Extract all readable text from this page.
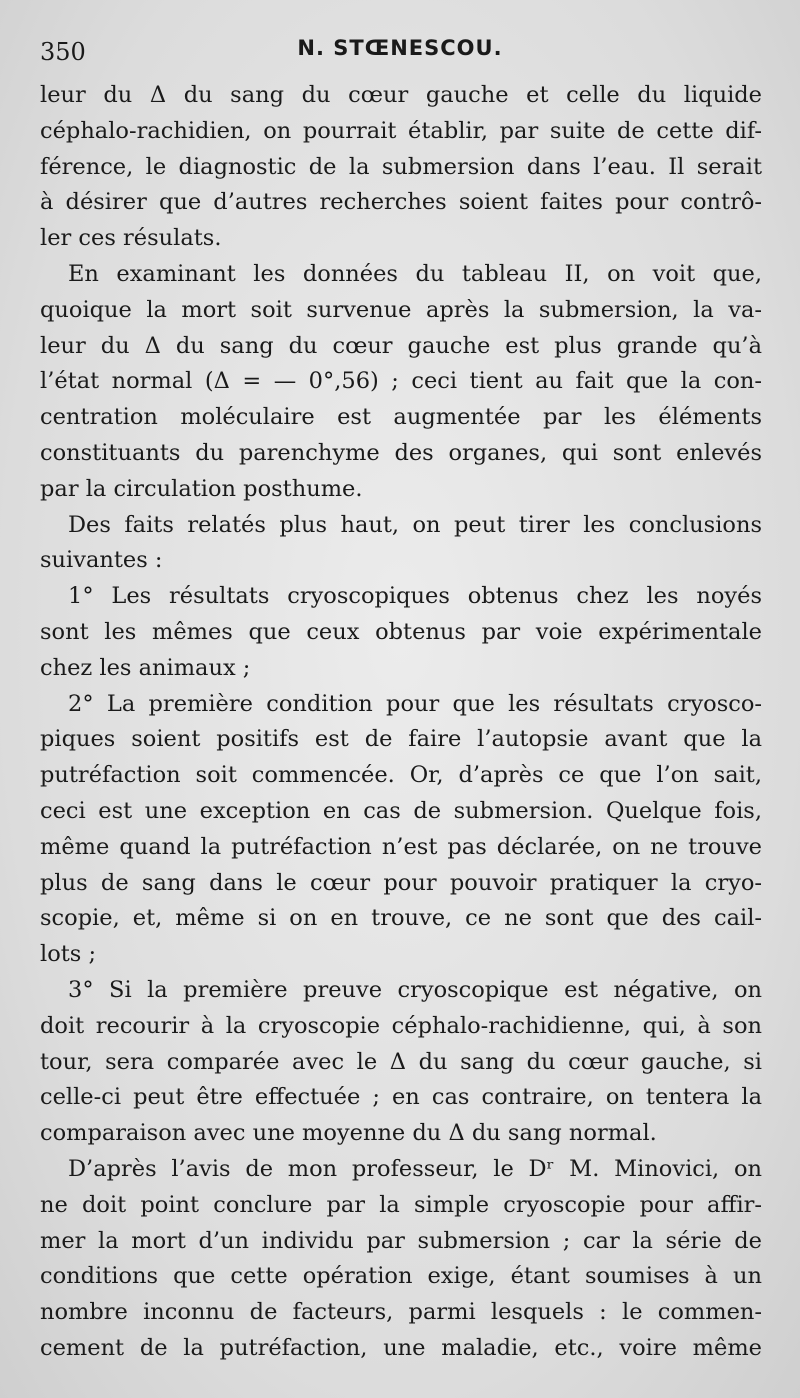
350	N. STŒNESCOU.
leur du Δ du sang du cœur gauche et celle du liquide
céphalo-rachidien, on pourrait établir, par suite de cette dif-
férence, le diagnostic de la submersion dans l’eau. Il serait
à désirer que d’autres recherches soient faites pour contrô-
ler ces résulats.
En examinant les données du tableau II, on voit que,
quoique la mort soit survenue après la submersion, la va-
leur du Δ du sang du cœur gauche est plus grande qu’à
l’état normal (Δ = — 0°,56) ; ceci tient au fait que la con-
centration moléculaire est augmentée par les éléments
constituants du parenchyme des organes, qui sont enlevés
par la circulation posthume.
Des faits relatés plus haut, on peut tirer les conclusions
suivantes :
1° Les résultats cryoscopiques obtenus chez les noyés
sont les mêmes que ceux obtenus par voie expérimentale
chez les animaux ;
2° La première condition pour que les résultats cryosco-
piques soient positifs est de faire l’autopsie avant que la
putréfaction soit commencée. Or, d’après ce que l’on sait,
ceci est une exception en cas de submersion. Quelque fois,
même quand la putréfaction n’est pas déclarée, on ne trouve
plus de sang dans le cœur pour pouvoir pratiquer la cryo-
scopie, et, même si on en trouve, ce ne sont que des cail-
lots ;
3° Si la première preuve cryoscopique est négative, on
doit recourir à la cryoscopie céphalo-rachidienne, qui, à son
tour, sera comparée avec le Δ du sang du cœur gauche, si
celle-ci peut être effectuée ; en cas contraire, on tentera la
comparaison avec une moyenne du Δ du sang normal.
D’après l’avis de mon professeur, le Dʳ M. Minovici, on
ne doit point conclure par la simple cryoscopie pour affir-
mer la mort d’un individu par submersion ; car la série de
conditions que cette opération exige, étant soumises à un
nombre inconnu de facteurs, parmi lesquels : le commen-
cement de la putréfaction, une maladie, etc., voire même
